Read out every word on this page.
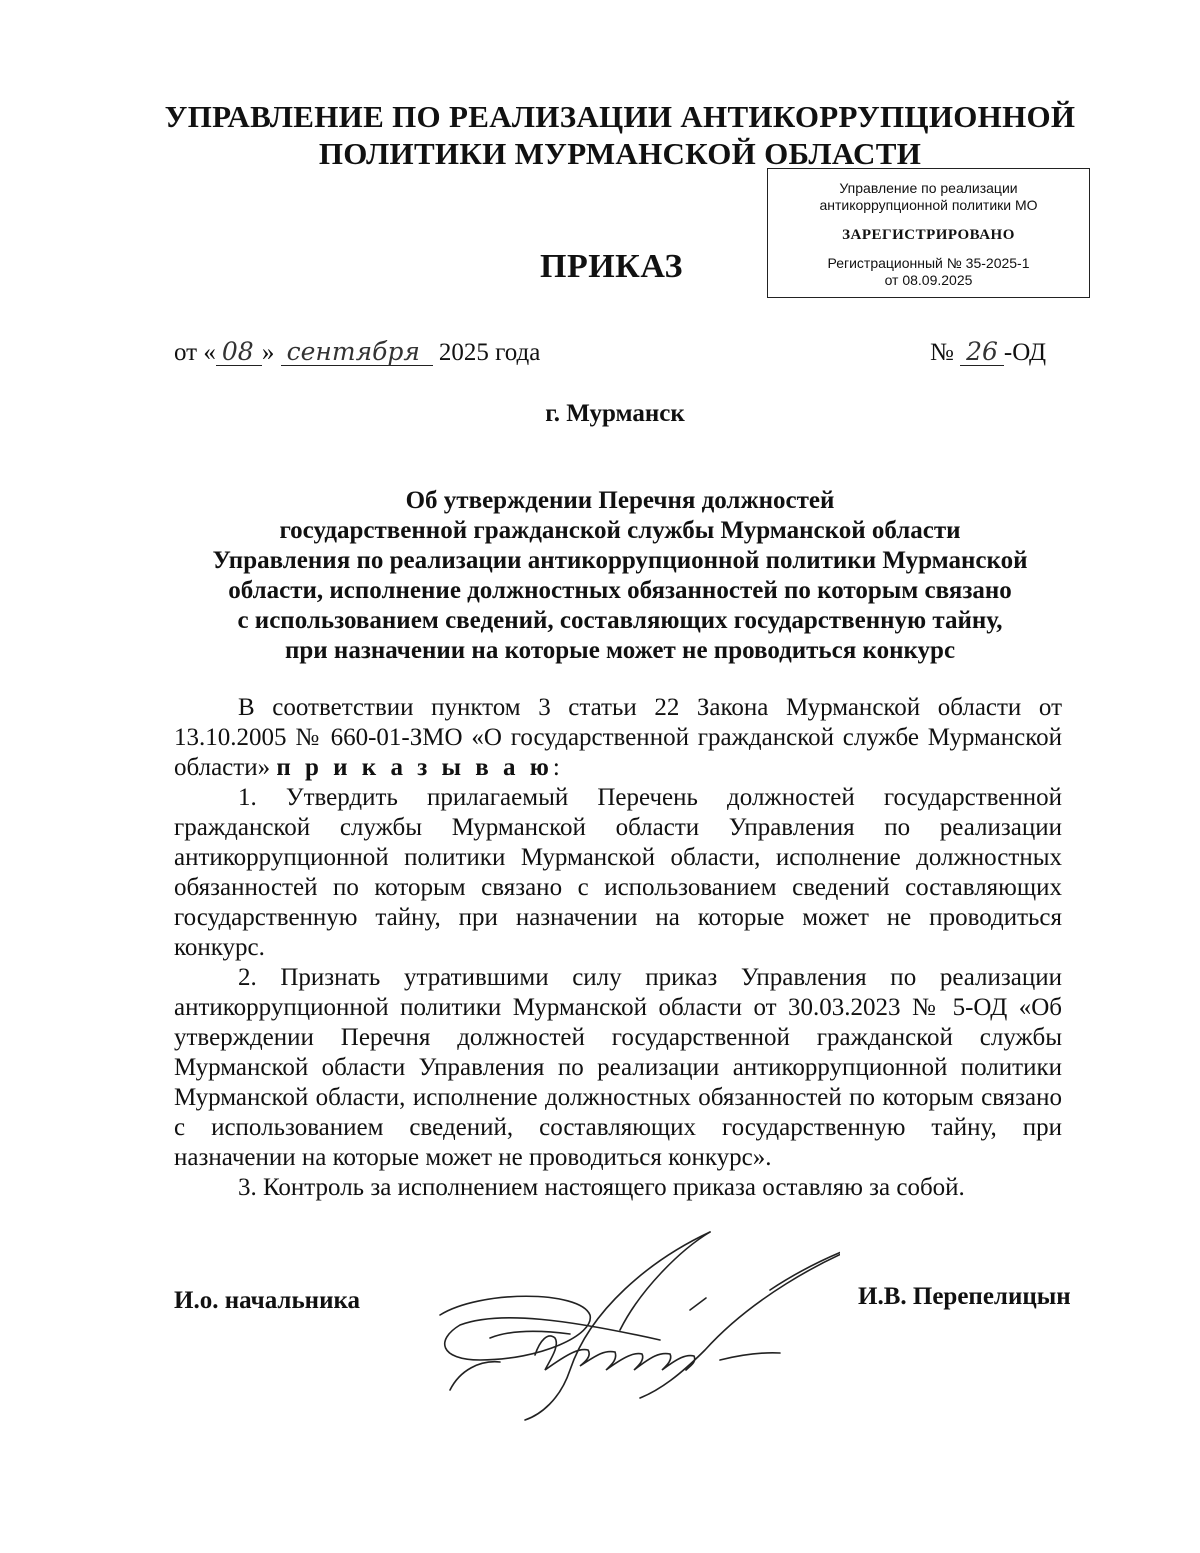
УПРАВЛЕНИЕ ПО РЕАЛИЗАЦИИ АНТИКОРРУПЦИОННОЙ
ПОЛИТИКИ МУРМАНСКОЙ ОБЛАСТИ
Управление по реализации
антикоррупционной политики МО
ЗАРЕГИСТРИРОВАНО
Регистрационный № 35-2025-1
от 08.09.2025
ПРИКАЗ
от « 08 » сентября 2025 года	№ 26 -ОД
г. Мурманск
Об утверждении Перечня должностей
государственной гражданской службы Мурманской области
Управления по реализации антикоррупционной политики Мурманской
области, исполнение должностных обязанностей по которым связано
с использованием сведений, составляющих государственную тайну,
при назначении на которые может не проводиться конкурс

В соответствии пунктом 3 статьи 22 Закона Мурманской области от 13.10.2005 № 660-01-ЗМО «О государственной гражданской службе Мурманской области» п р и к а з ы в а ю:

1. Утвердить прилагаемый Перечень должностей государственной гражданской службы Мурманской области Управления по реализации антикоррупционной политики Мурманской области, исполнение должностных обязанностей по которым связано с использованием сведений составляющих государственную тайну, при назначении на которые может не проводиться конкурс.

2. Признать утратившими силу приказ Управления по реализации антикоррупционной политики Мурманской области от 30.03.2023 № 5-ОД «Об утверждении Перечня должностей государственной гражданской службы Мурманской области Управления по реализации антикоррупционной политики Мурманской области, исполнение должностных обязанностей по которым связано с использованием сведений, составляющих государственную тайну, при назначении на которые может не проводиться конкурс».

3. Контроль за исполнением настоящего приказа оставляю за собой.

И.о. начальника	И.В. Перепелицын
